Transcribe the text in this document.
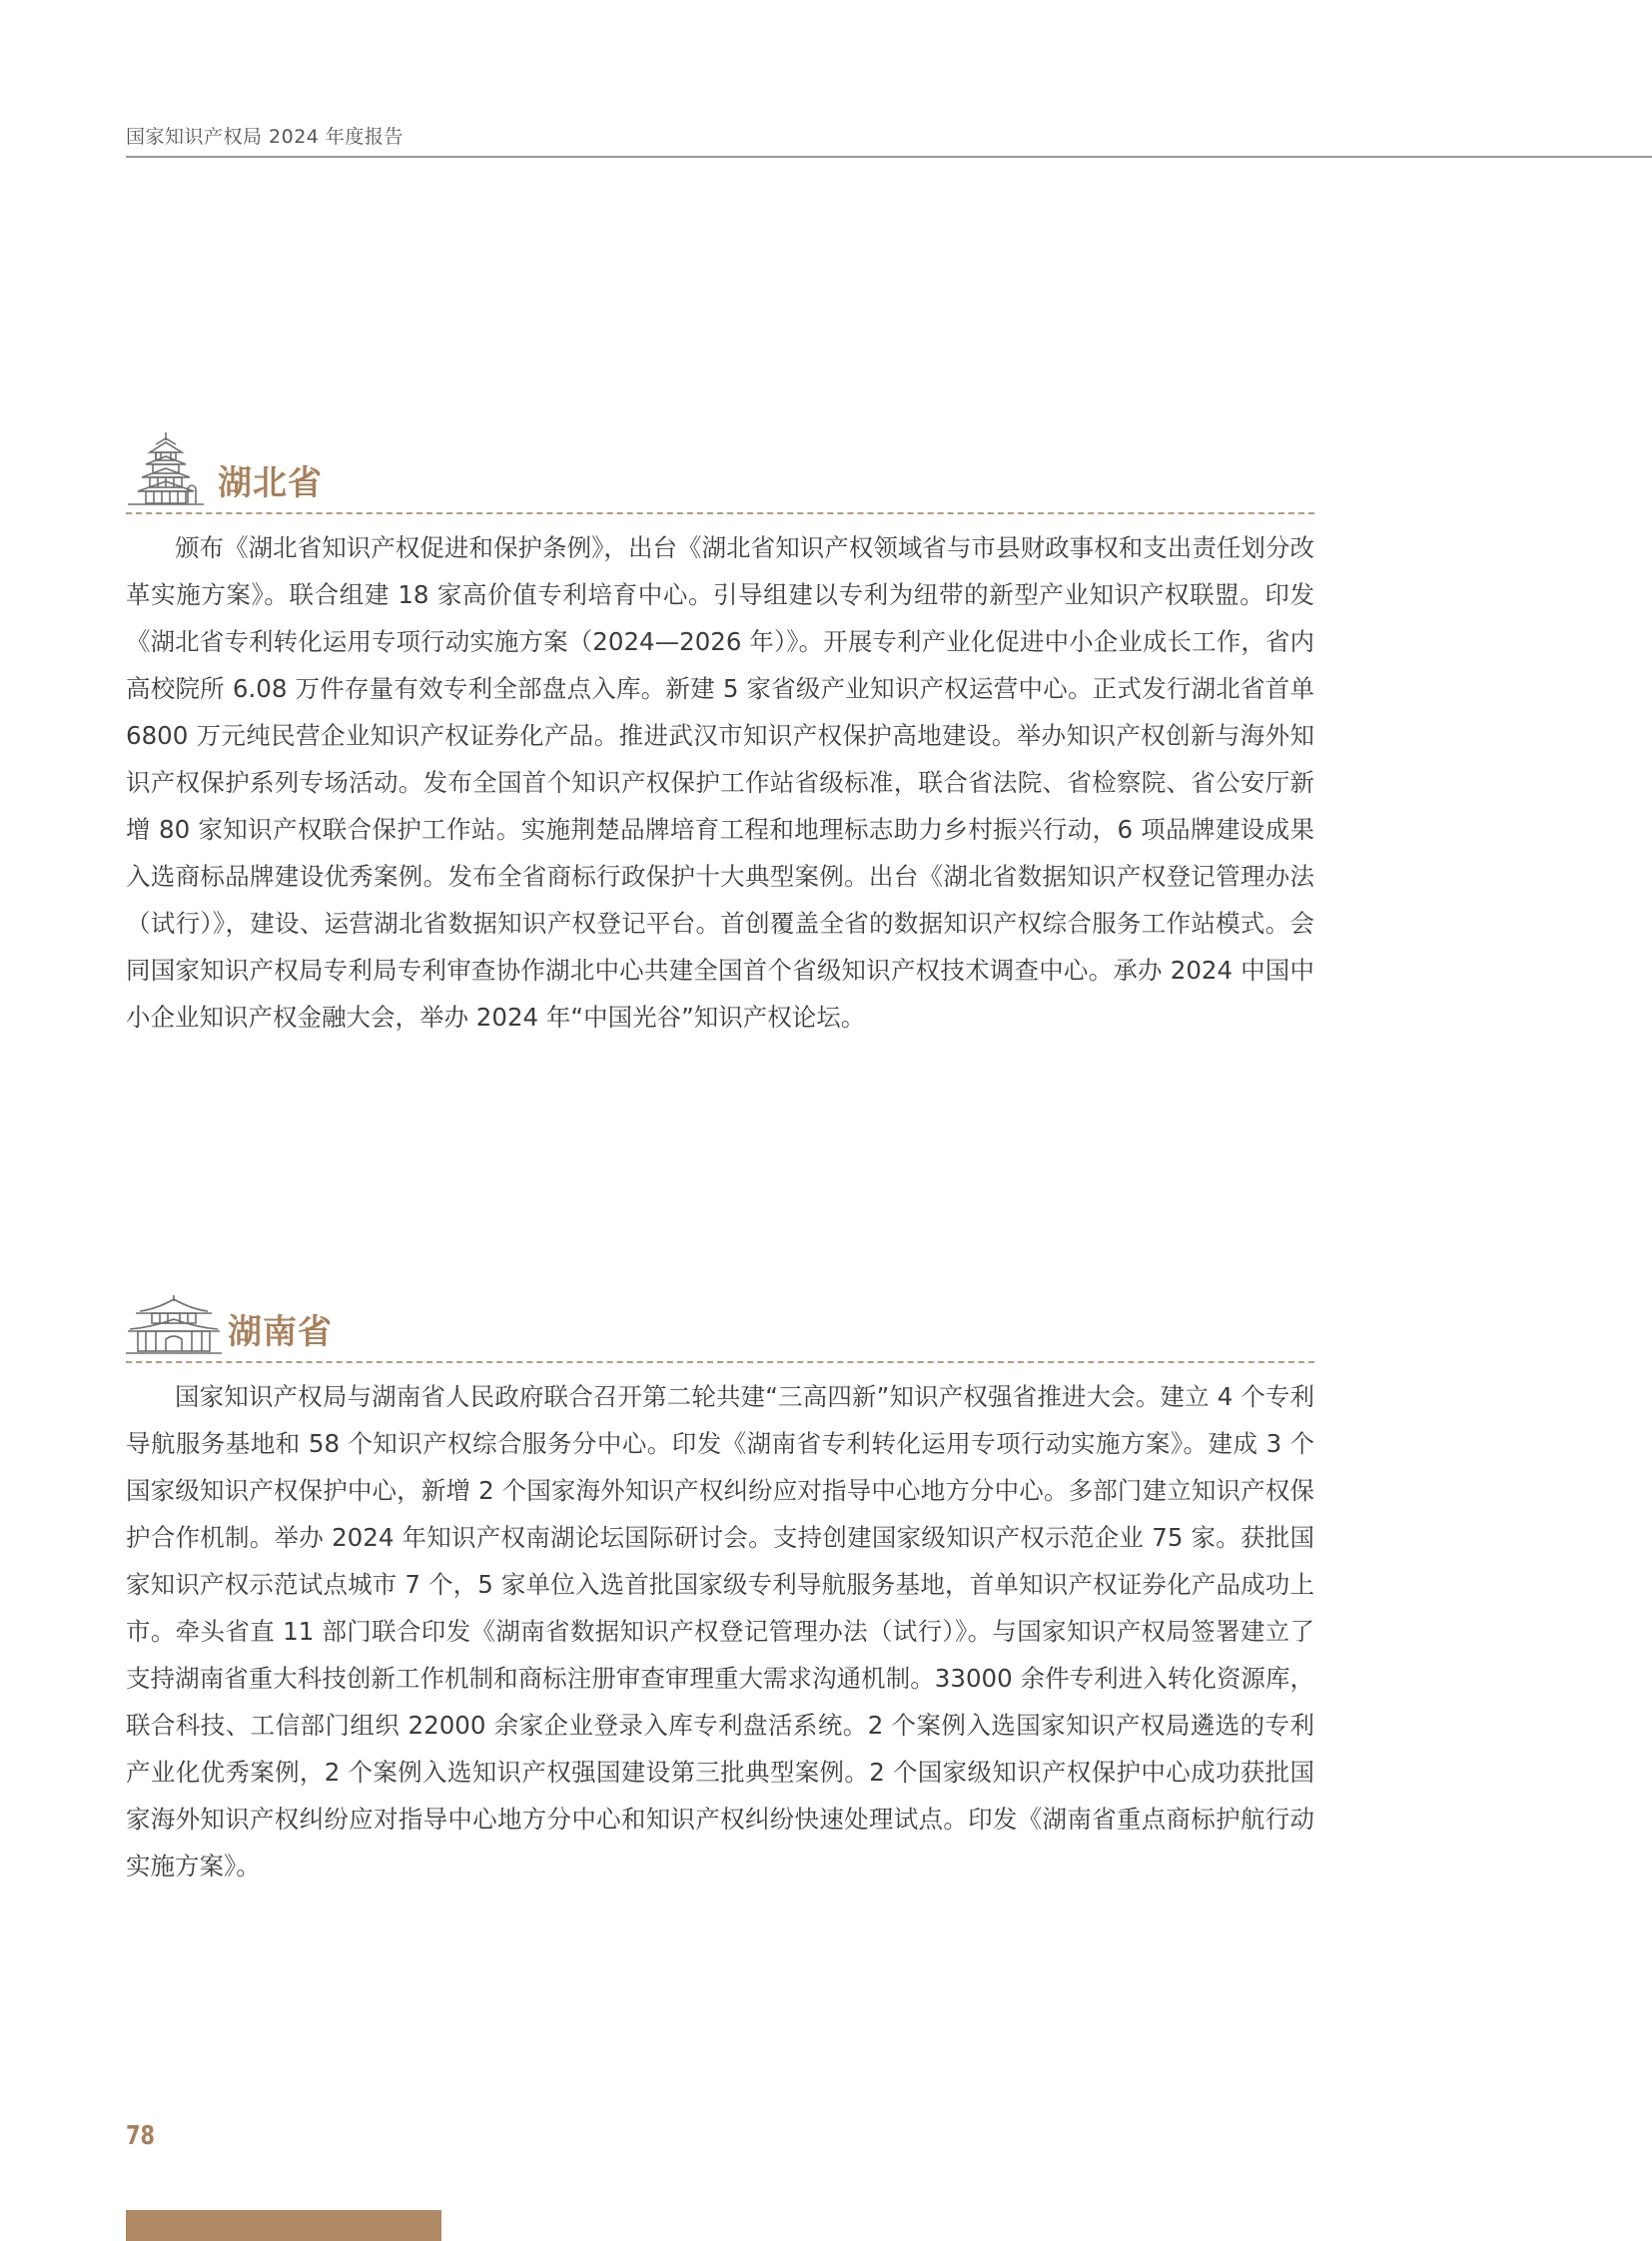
国家知识产权局 2024 年度报告
湖北省

颁布《湖北省知识产权促进和保护条例》，出台《湖北省知识产权领域省与市县财政事权和支出责任划分改革实施方案》。联合组建 18 家高价值专利培育中心。引导组建以专利为纽带的新型产业知识产权联盟。印发《湖北省专利转化运用专项行动实施方案（2024—2026 年）》。开展专利产业化促进中小企业成长工作，省内高校院所 6.08 万件存量有效专利全部盘点入库。新建 5 家省级产业知识产权运营中心。正式发行湖北省首单 6800 万元纯民营企业知识产权证券化产品。推进武汉市知识产权保护高地建设。举办知识产权创新与海外知识产权保护系列专场活动。发布全国首个知识产权保护工作站省级标准，联合省法院、省检察院、省公安厅新增 80 家知识产权联合保护工作站。实施荆楚品牌培育工程和地理标志助力乡村振兴行动，6 项品牌建设成果入选商标品牌建设优秀案例。发布全省商标行政保护十大典型案例。出台《湖北省数据知识产权登记管理办法（试行）》，建设、运营湖北省数据知识产权登记平台。首创覆盖全省的数据知识产权综合服务工作站模式。会同国家知识产权局专利局专利审查协作湖北中心共建全国首个省级知识产权技术调查中心。承办 2024 中国中小企业知识产权金融大会，举办 2024 年“中国光谷”知识产权论坛。

湖南省

国家知识产权局与湖南省人民政府联合召开第二轮共建“三高四新”知识产权强省推进大会。建立 4 个专利导航服务基地和 58 个知识产权综合服务分中心。印发《湖南省专利转化运用专项行动实施方案》。建成 3 个国家级知识产权保护中心，新增 2 个国家海外知识产权纠纷应对指导中心地方分中心。多部门建立知识产权保护合作机制。举办 2024 年知识产权南湖论坛国际研讨会。支持创建国家级知识产权示范企业 75 家。获批国家知识产权示范试点城市 7 个，5 家单位入选首批国家级专利导航服务基地，首单知识产权证券化产品成功上市。牵头省直 11 部门联合印发《湖南省数据知识产权登记管理办法（试行）》。与国家知识产权局签署建立了支持湖南省重大科技创新工作机制和商标注册审查审理重大需求沟通机制。33000 余件专利进入转化资源库，联合科技、工信部门组织 22000 余家企业登录入库专利盘活系统。2 个案例入选国家知识产权局遴选的专利产业化优秀案例，2 个案例入选知识产权强国建设第三批典型案例。2 个国家级知识产权保护中心成功获批国家海外知识产权纠纷应对指导中心地方分中心和知识产权纠纷快速处理试点。印发《湖南省重点商标护航行动实施方案》。

78
